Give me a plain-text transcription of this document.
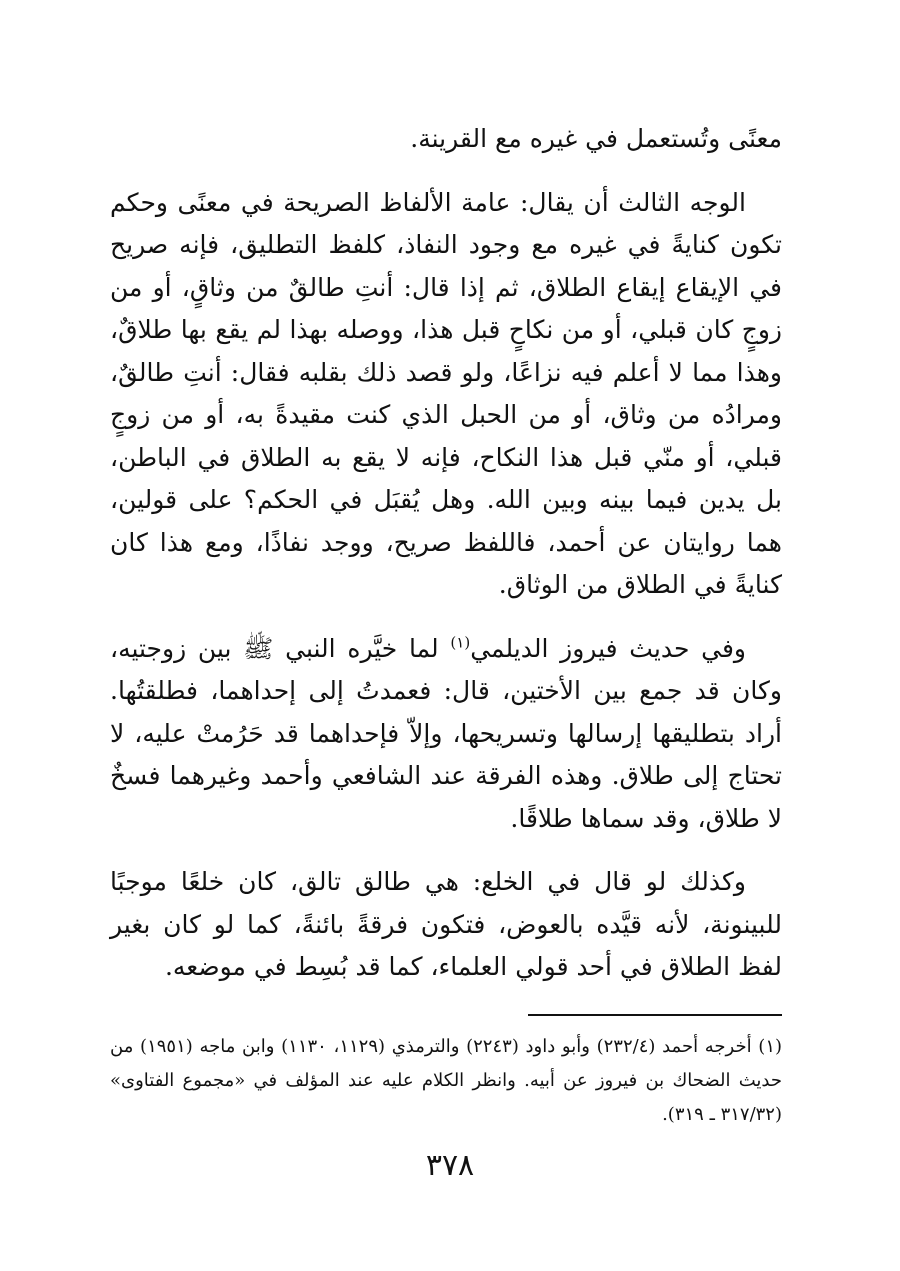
معنًى وتُستعمل في غيره مع القرينة.

الوجه الثالث أن يقال: عامة الألفاظ الصريحة في معنًى وحكم تكون كنايةً في غيره مع وجود النفاذ، كلفظ التطليق، فإنه صريح في الإيقاع إيقاع الطلاق، ثم إذا قال: أنتِ طالقٌ من وثاقٍ، أو من زوجٍ كان قبلي، أو من نكاحٍ قبل هذا، ووصله بهذا لم يقع بها طلاقٌ، وهذا مما لا أعلم فيه نزاعًا، ولو قصد ذلك بقلبه فقال: أنتِ طالقٌ، ومرادُه من وثاق، أو من الحبل الذي كنت مقيدةً به، أو من زوجٍ قبلي، أو منّي قبل هذا النكاح، فإنه لا يقع به الطلاق في الباطن، بل يدين فيما بينه وبين الله. وهل يُقبَل في الحكم؟ على قولين، هما روايتان عن أحمد، فاللفظ صريح، ووجد نفاذًا، ومع هذا كان كنايةً في الطلاق من الوثاق.

وفي حديث فيروز الديلمي$^{(١)}$ لما خيَّره النبي ﷺ بين زوجتيه، وكان قد جمع بين الأختين، قال: فعمدتُ إلى إحداهما، فطلقتُها. أراد بتطليقها إرسالها وتسريحها، وإلاّ فإحداهما قد حَرُمتْ عليه، لا تحتاج إلى طلاق. وهذه الفرقة عند الشافعي وأحمد وغيرهما فسخٌ لا طلاق، وقد سماها طلاقًا.

وكذلك لو قال في الخلع: هي طالق تالق، كان خلعًا موجبًا للبينونة، لأنه قيَّده بالعوض، فتكون فرقةً بائنةً، كما لو كان بغير لفظ الطلاق في أحد قولي العلماء، كما قد بُسِط في موضعه.

(١) أخرجه أحمد (٢٣٢/٤) وأبو داود (٢٢٤٣) والترمذي (١١٢٩، ١١٣٠) وابن ماجه (١٩٥١) من حديث الضحاك بن فيروز عن أبيه. وانظر الكلام عليه عند المؤلف في «مجموع الفتاوى» (٣١٧/٣٢ ـ ٣١٩).

٣٧٨
